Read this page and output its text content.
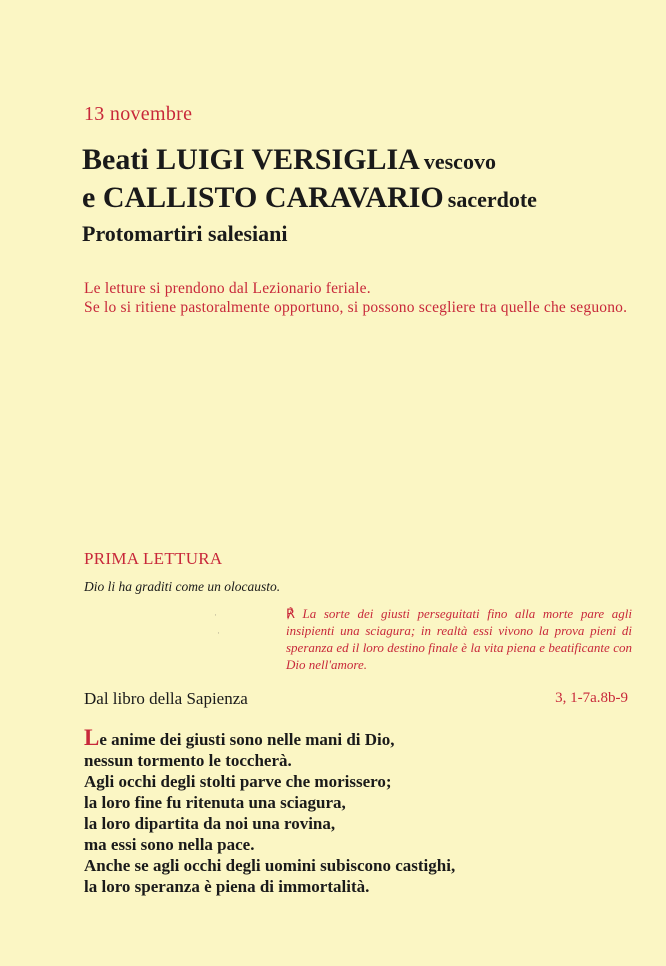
13 novembre
Beati LUIGI VERSIGLIA vescovo
e CALLISTO CARAVARIO sacerdote
Protomartiri salesiani
Le letture si prendono dal Lezionario feriale.
Se lo si ritiene pastoralmente opportuno, si possono scegliere tra quelle che seguono.
PRIMA LETTURA
Dio li ha graditi come un olocausto.
·
·
℟ La sorte dei giusti perseguitati fino alla morte pare agli insipienti una sciagura; in realtà essi vivono la prova pieni di speranza ed il loro destino finale è la vita piena e beatificante con Dio nell'amore.
Dal libro della Sapienza	3, 1-7a.8b-9
Le anime dei giusti sono nelle mani di Dio,
nessun tormento le toccherà.
Agli occhi degli stolti parve che morissero;
la loro fine fu ritenuta una sciagura,
la loro dipartita da noi una rovina,
ma essi sono nella pace.
Anche se agli occhi degli uomini subiscono castighi,
la loro speranza è piena di immortalità.
